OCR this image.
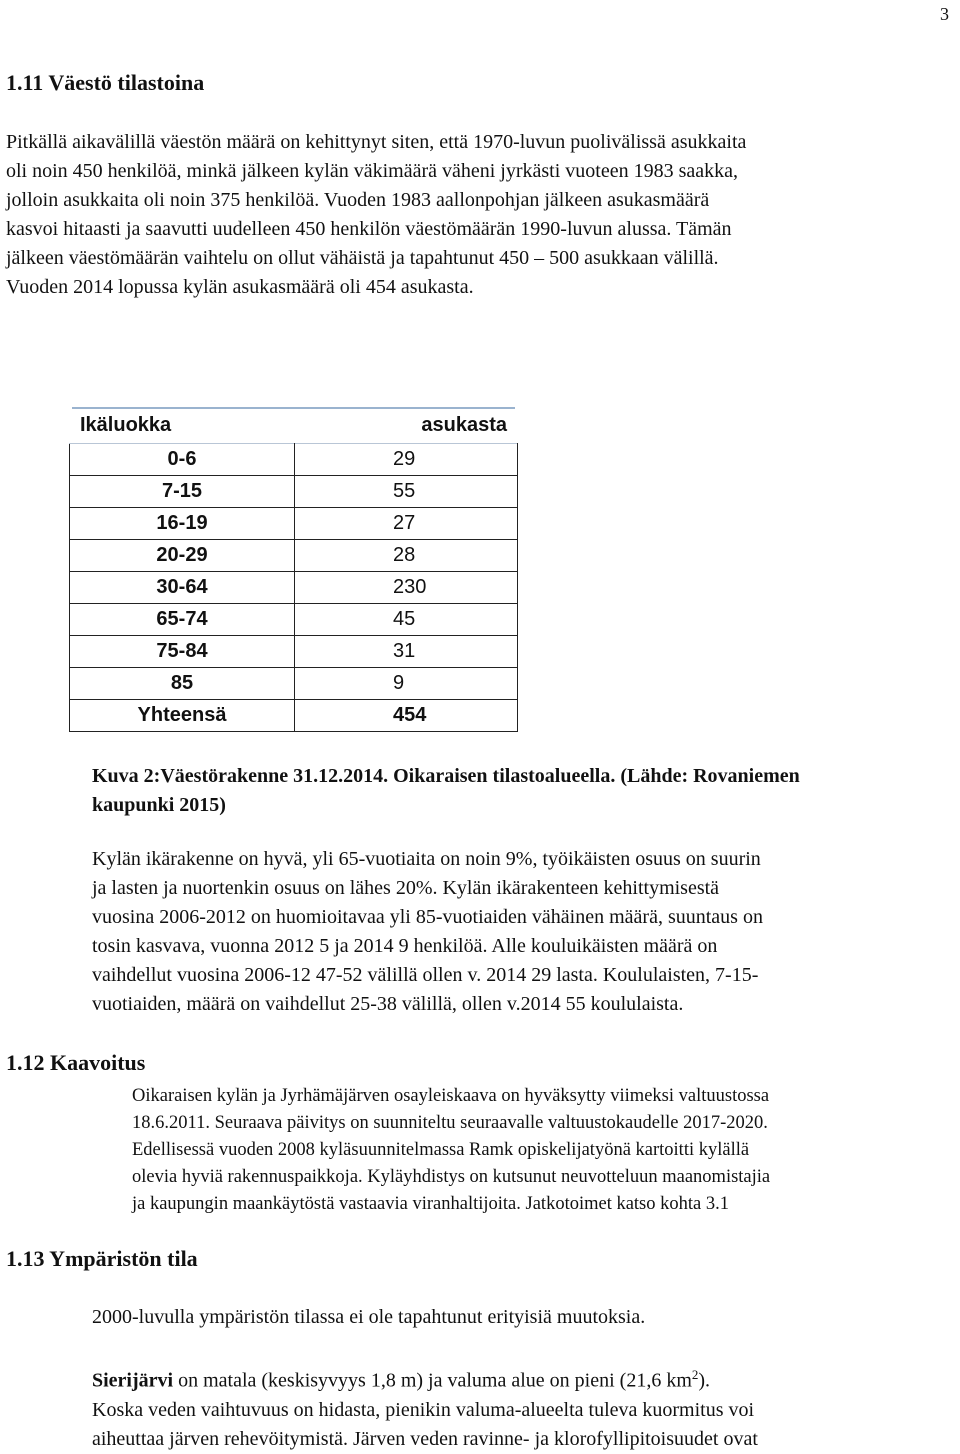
3
1.11 Väestö tilastoina

Pitkällä aikavälillä väestön määrä on kehittynyt siten, että 1970-luvun puolivälissä asukkaita

oli noin 450 henkilöä, minkä jälkeen kylän väkimäärä väheni jyrkästi vuoteen 1983 saakka,

jolloin asukkaita oli noin 375 henkilöä. Vuoden 1983 aallonpohjan jälkeen asukasmäärä

kasvoi hitaasti ja saavutti uudelleen 450 henkilön väestömäärän 1990-luvun alussa. Tämän

jälkeen väestömäärän vaihtelu on ollut vähäistä ja tapahtunut 450 – 500 asukkaan välillä.

Vuoden 2014 lopussa kylän asukasmäärä oli 454 asukasta.

Ikäluokka	asukasta
0-6	29
7-15	55
16-19	27
20-29	28
30-64	230
65-74	45
75-84	31
85	9
Yhteensä	454
Kuva 2:Väestörakenne 31.12.2014. Oikaraisen tilastoalueella. (Lähde: Rovaniemen
kaupunki 2015)

Kylän ikärakenne on hyvä, yli 65-vuotiaita on noin 9%, työikäisten osuus on suurin

ja lasten ja nuortenkin osuus on lähes 20%. Kylän ikärakenteen kehittymisestä

vuosina 2006-2012 on huomioitavaa yli 85-vuotiaiden vähäinen määrä, suuntaus on

tosin kasvava, vuonna 2012 5 ja 2014 9 henkilöä. Alle kouluikäisten määrä on

vaihdellut vuosina 2006-12 47-52 välillä ollen v. 2014 29 lasta. Koululaisten, 7-15-

vuotiaiden, määrä on vaihdellut 25-38 välillä, ollen v.2014 55 koululaista.

1.12 Kaavoitus

Oikaraisen kylän ja Jyrhämäjärven osayleiskaava on hyväksytty viimeksi valtuustossa

18.6.2011. Seuraava päivitys on suunniteltu seuraavalle valtuustokaudelle 2017-2020.

Edellisessä vuoden 2008 kyläsuunnitelmassa Ramk opiskelijatyönä kartoitti kylällä

olevia hyviä rakennuspaikkoja. Kyläyhdistys on kutsunut neuvotteluun maanomistajia

ja kaupungin maankäytöstä vastaavia viranhaltijoita. Jatkotoimet katso kohta 3.1

1.13 Ympäristön tila
2000-luvulla ympäristön tilassa ei ole tapahtunut erityisiä muutoksia.

Sierijärvi on matala (keskisyvyys 1,8 m) ja valuma alue on pieni (21,6 $km^2$).

Koska veden vaihtuvuus on hidasta, pienikin valuma-alueelta tuleva kuormitus voi

aiheuttaa järven rehevöitymistä. Järven veden ravinne- ja klorofyllipitoisuudet ovat
